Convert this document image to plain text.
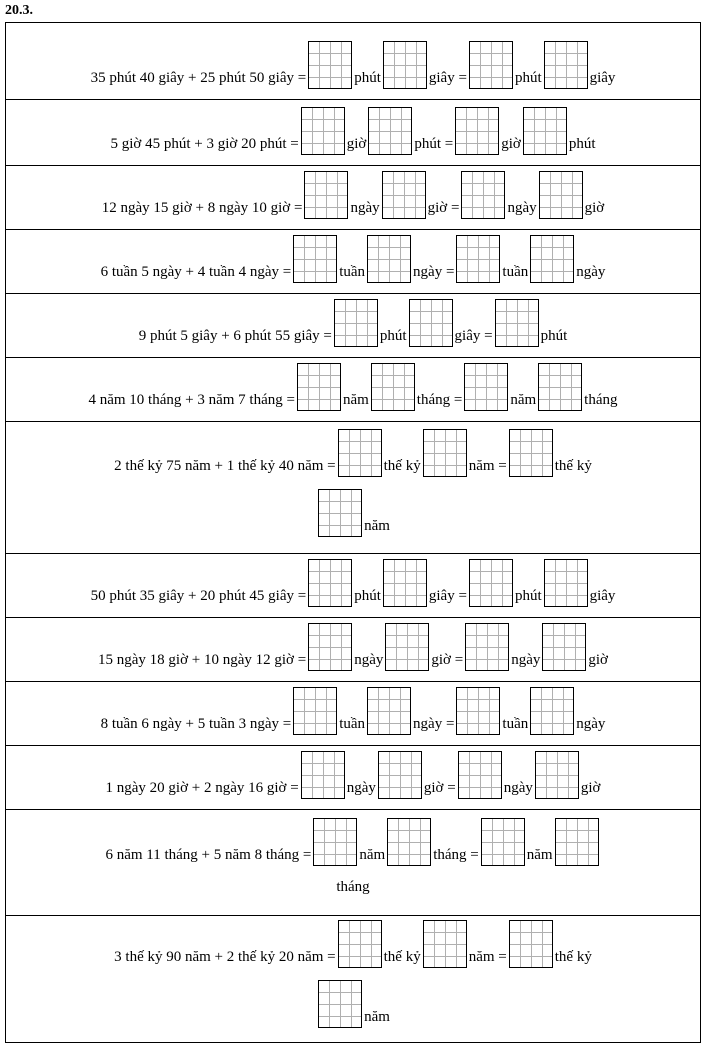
20.3.
35 phút 40 giây + 25 phút 50 giây =	phút	giây =	phút	giây
5 giờ 45 phút + 3 giờ 20 phút =	giờ	phút =	giờ	phút
12 ngày 15 giờ + 8 ngày 10 giờ =	ngày	giờ =	ngày	giờ
6 tuần 5 ngày + 4 tuần 4 ngày =	tuần	ngày =	tuần	ngày
9 phút 5 giây + 6 phút 55 giây =	phút	giây =	phút
4 năm 10 tháng + 3 năm 7 tháng =	năm	tháng =	năm	tháng
2 thế kỷ 75 năm + 1 thế kỷ 40 năm =	thế kỷ	năm =	thế kỷ
năm
50 phút 35 giây + 20 phút 45 giây =	phút	giây =	phút	giây
15 ngày 18 giờ + 10 ngày 12 giờ =	ngày	giờ =	ngày	giờ
8 tuần 6 ngày + 5 tuần 3 ngày =	tuần	ngày =	tuần	ngày
1 ngày 20 giờ + 2 ngày 16 giờ =	ngày	giờ =	ngày	giờ
6 năm 11 tháng + 5 năm 8 tháng =	năm	tháng =	năm
tháng
3 thế kỷ 90 năm + 2 thế kỷ 20 năm =	thế kỷ	năm =	thế kỷ
năm
